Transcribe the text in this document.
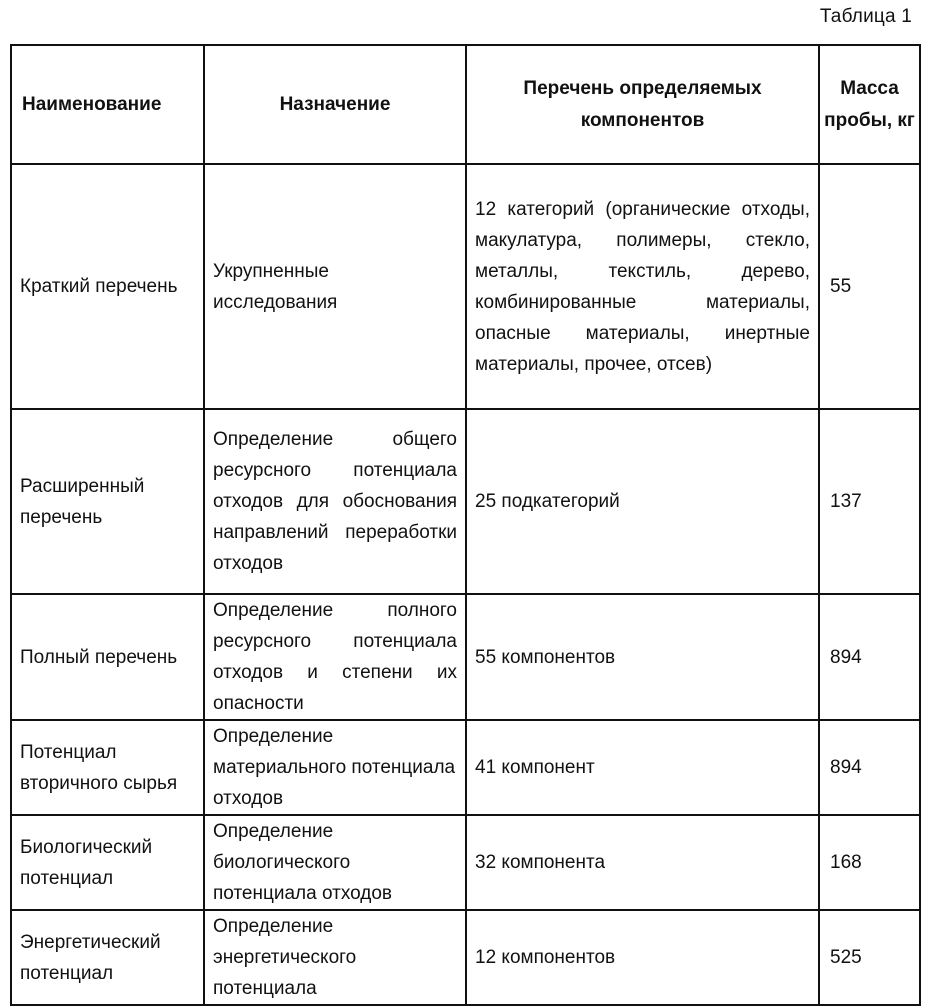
Таблица 1
Наименование	Назначение	Перечень определяемых компонентов	Масса пробы, кг
Краткий перечень	Укрупненные исследования	12 категорий (органические отходы, макулатура, полимеры, стекло, металлы, текстиль, дерево, комбинированные материалы, опасные материалы, инертные материалы, прочее, отсев)	55
Расширенный перечень	Определение общего ресурсного потенциала отходов для обоснования направлений переработки отходов	25 подкатегорий	137
Полный перечень	Определение полного ресурсного потенциала отходов и степени их опасности	55 компонентов	894
Потенциал вторичного сырья	Определение материального потенциала отходов	41 компонент	894
Биологический потенциал	Определение биологического потенциала отходов	32 компонента	168
Энергетический потенциал	Определение энергетического потенциала	12 компонентов	525
